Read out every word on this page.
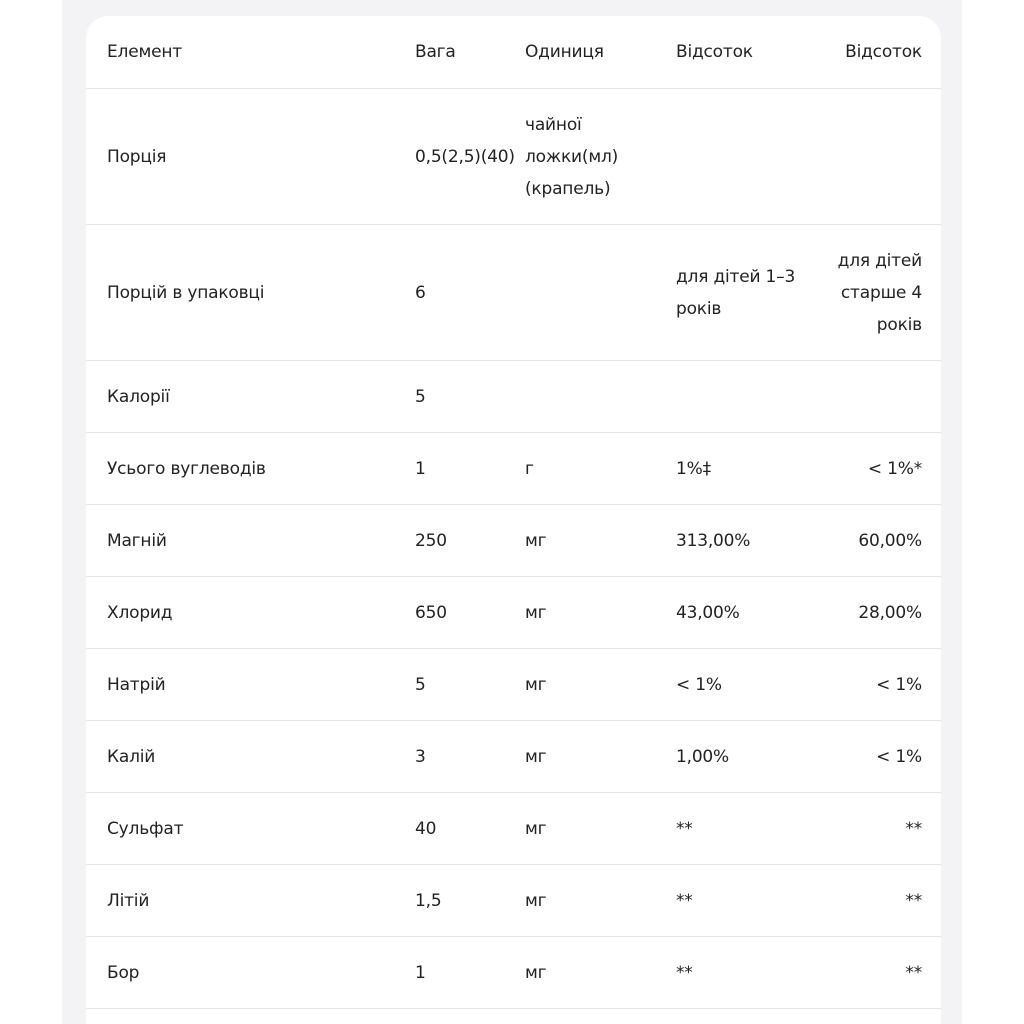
Елемент	Вага	Одиниця	Відсоток	Відсоток
Порція	0,5(2,5)(40)	чайної ложки(мл)(крапель)		
Порцій в упаковці	6		для дітей 1–3 років	для дітей старше 4 років
Калорії	5			
Усього вуглеводів	1	г	1%‡	< 1%*
Магній	250	мг	313,00%	60,00%
Хлорид	650	мг	43,00%	28,00%
Натрій	5	мг	< 1%	< 1%
Калій	3	мг	1,00%	< 1%
Сульфат	40	мг	**	**
Літій	1,5	мг	**	**
Бор	1	мг	**	**
